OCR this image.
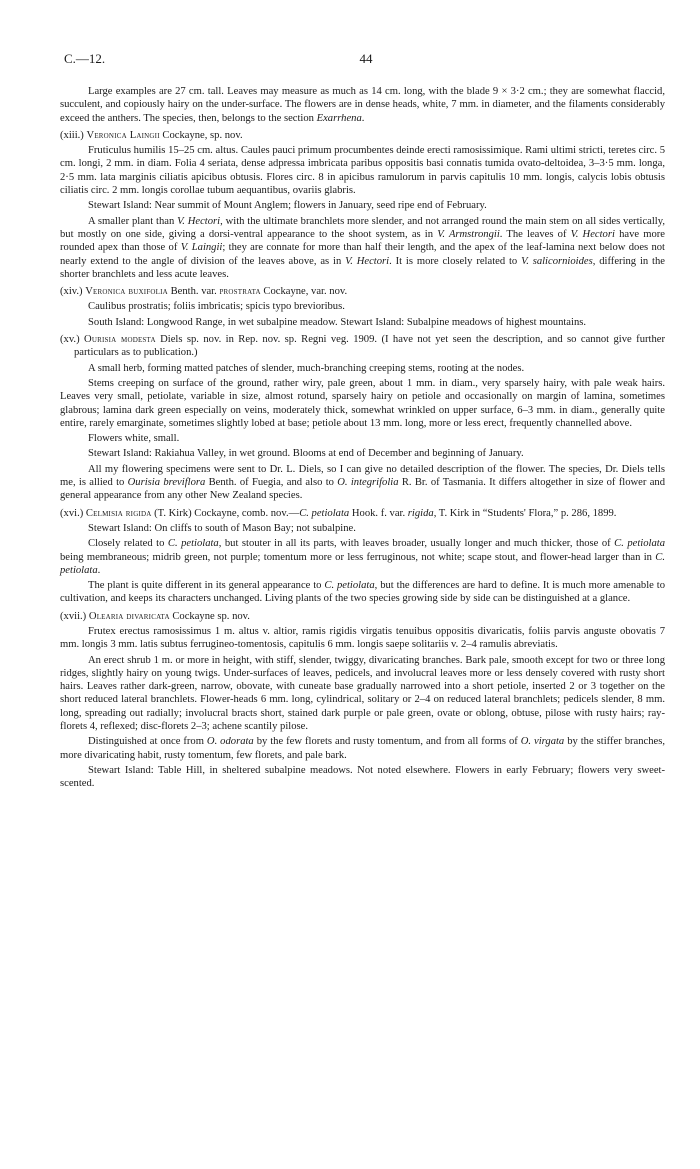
C.—12.	44

Large examples are 27 cm. tall. Leaves may measure as much as 14 cm. long, with the blade 9 × 3·2 cm.; they are somewhat flaccid, succulent, and copiously hairy on the under-surface. The flowers are in dense heads, white, 7 mm. in diameter, and the filaments considerably exceed the anthers. The species, then, belongs to the section Exarrhena.

(xiii.) Veronica Laingii Cockayne, sp. nov.

Fruticulus humilis 15–25 cm. altus. Caules pauci primum procumbentes deinde erecti ramosissimique. Rami ultimi stricti, teretes circ. 5 cm. longi, 2 mm. in diam. Folia 4 seriata, dense adpressa imbricata paribus oppositis basi connatis tumida ovato-deltoidea, 3–3·5 mm. longa, 2·5 mm. lata marginis ciliatis apicibus obtusis. Flores circ. 8 in apicibus ramulorum in parvis capitulis 10 mm. longis, calycis lobis obtusis ciliatis circ. 2 mm. longis corollae tubum aequantibus, ovariis glabris.

Stewart Island: Near summit of Mount Anglem; flowers in January, seed ripe end of February.

A smaller plant than V. Hectori, with the ultimate branchlets more slender, and not arranged round the main stem on all sides vertically, but mostly on one side, giving a dorsi-ventral appearance to the shoot system, as in V. Armstrongii. The leaves of V. Hectori have more rounded apex than those of V. Laingii; they are connate for more than half their length, and the apex of the leaf-lamina next below does not nearly extend to the angle of division of the leaves above, as in V. Hectori. It is more closely related to V. salicornioides, differing in the shorter branchlets and less acute leaves.

(xiv.) Veronica buxifolia Benth. var. prostrata Cockayne, var. nov.

Caulibus prostratis; foliis imbricatis; spicis typo brevioribus.

South Island: Longwood Range, in wet subalpine meadow. Stewart Island: Subalpine meadows of highest mountains.

(xv.) Ourisia modesta Diels sp. nov. in Rep. nov. sp. Regni veg. 1909. (I have not yet seen the description, and so cannot give further particulars as to publication.)

A small herb, forming matted patches of slender, much-branching creeping stems, rooting at the nodes.

Stems creeping on surface of the ground, rather wiry, pale green, about 1 mm. in diam., very sparsely hairy, with pale weak hairs. Leaves very small, petiolate, variable in size, almost rotund, sparsely hairy on petiole and occasionally on margin of lamina, sometimes glabrous; lamina dark green especially on veins, moderately thick, somewhat wrinkled on upper surface, 6–3 mm. in diam., generally quite entire, rarely emarginate, sometimes slightly lobed at base; petiole about 13 mm. long, more or less erect, frequently channelled above.

Flowers white, small.

Stewart Island: Rakiahua Valley, in wet ground. Blooms at end of December and beginning of January.

All my flowering specimens were sent to Dr. L. Diels, so I can give no detailed description of the flower. The species, Dr. Diels tells me, is allied to Ourisia breviflora Benth. of Fuegia, and also to O. integrifolia R. Br. of Tasmania. It differs altogether in size of flower and general appearance from any other New Zealand species.

(xvi.) Celmisia rigida (T. Kirk) Cockayne, comb. nov.—C. petiolata Hook. f. var. rigida, T. Kirk in “Students' Flora,” p. 286, 1899.

Stewart Island: On cliffs to south of Mason Bay; not subalpine.

Closely related to C. petiolata, but stouter in all its parts, with leaves broader, usually longer and much thicker, those of C. petiolata being membraneous; midrib green, not purple; tomentum more or less ferruginous, not white; scape stout, and flower-head larger than in C. petiolata.

The plant is quite different in its general appearance to C. petiolata, but the differences are hard to define. It is much more amenable to cultivation, and keeps its characters unchanged. Living plants of the two species growing side by side can be distinguished at a glance.

(xvii.) Olearia divaricata Cockayne sp. nov.

Frutex erectus ramosissimus 1 m. altus v. altior, ramis rigidis virgatis tenuibus oppositis divaricatis, foliis parvis anguste obovatis 7 mm. longis 3 mm. latis subtus ferrugineo-tomentosis, capitulis 6 mm. longis saepe solitariis v. 2–4 ramulis abreviatis.

An erect shrub 1 m. or more in height, with stiff, slender, twiggy, divaricating branches. Bark pale, smooth except for two or three long ridges, slightly hairy on young twigs. Under-surfaces of leaves, pedicels, and involucral leaves more or less densely covered with rusty short hairs. Leaves rather dark-green, narrow, obovate, with cuneate base gradually narrowed into a short petiole, inserted 2 or 3 together on the short reduced lateral branchlets. Flower-heads 6 mm. long, cylindrical, solitary or 2–4 on reduced lateral branchlets; pedicels slender, 8 mm. long, spreading out radially; involucral bracts short, stained dark purple or pale green, ovate or oblong, obtuse, pilose with rusty hairs; ray-florets 4, reflexed; disc-florets 2–3; achene scantily pilose.

Distinguished at once from O. odorata by the few florets and rusty tomentum, and from all forms of O. virgata by the stiffer branches, more divaricating habit, rusty tomentum, few florets, and pale bark.

Stewart Island: Table Hill, in sheltered subalpine meadows. Not noted elsewhere. Flowers in early February; flowers very sweet-scented.
